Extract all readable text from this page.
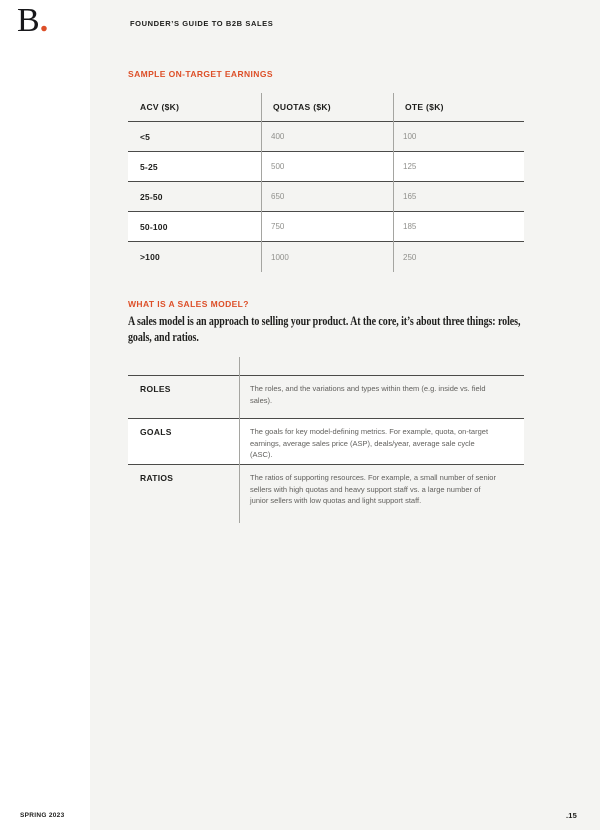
B.	FOUNDER’S GUIDE TO B2B SALES
SAMPLE ON-TARGET EARNINGS
ACV ($K)	QUOTAS ($K)	OTE ($K)
<5	400	100
5-25	500	125
25-50	650	165
50-100	750	185
>100	1000	250
WHAT IS A SALES MODEL?

A sales model is an approach to selling your product. At the core, it’s about three things: roles, goals, and ratios.

ROLES	The roles, and the variations and types within them (e.g. inside vs. field sales).
GOALS	The goals for key model-defining metrics. For example, quota, on-target earnings, average sales price (ASP), deals/year, average sale cycle (ASC).
RATIOS	The ratios of supporting resources. For example, a small number of senior sellers with high quotas and heavy support staff vs. a large number of junior sellers with low quotas and light support staff.
SPRING 2023	.15
